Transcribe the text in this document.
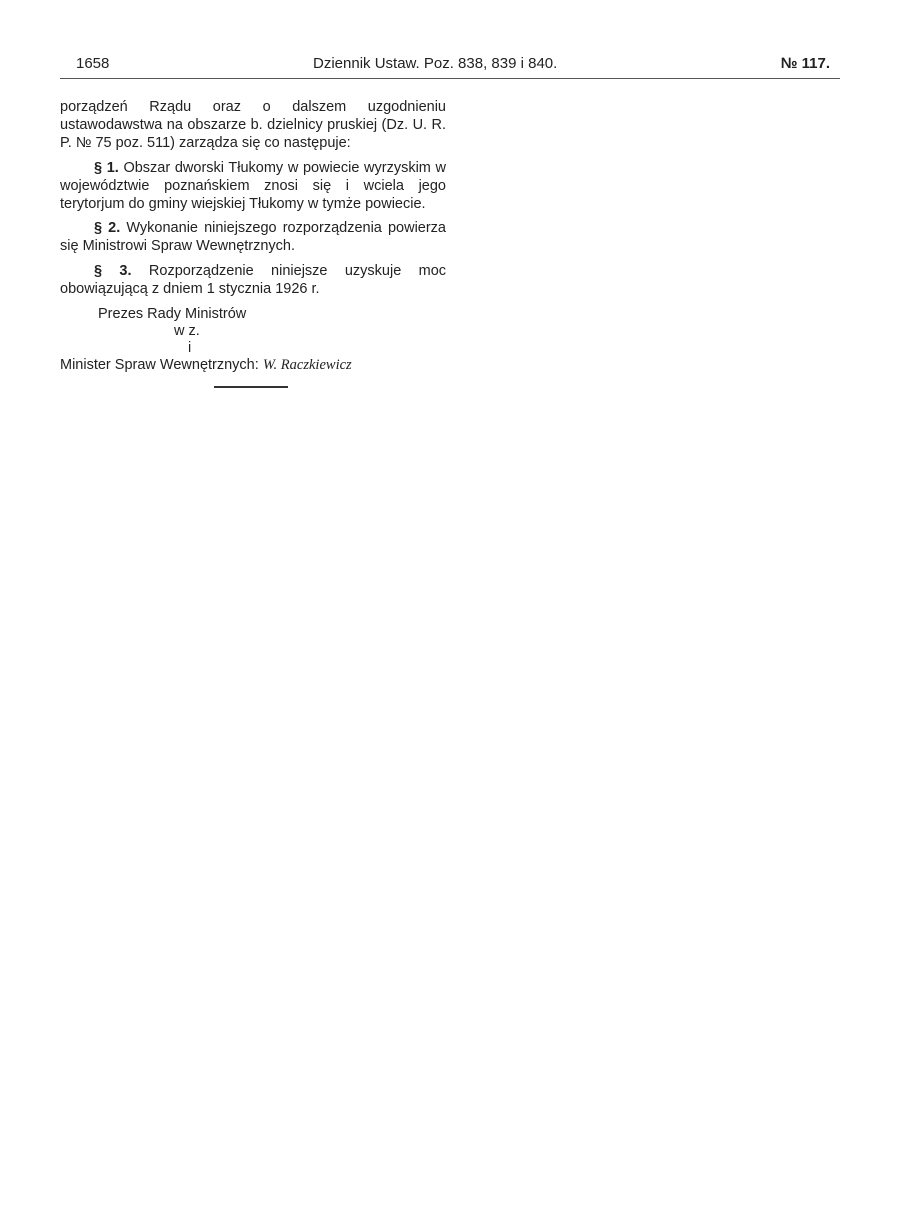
1658	Dziennik Ustaw. Poz. 838, 839 i 840.	№ 117.

porządzeń Rządu oraz o dalszem uzgodnieniu ustawodawstwa na obszarze b. dzielnicy pruskiej (Dz. U. R. P. № 75 poz. 511) zarządza się co następuje:

§ 1. Obszar dworski Tłukomy w powiecie wyrzyskim w województwie poznańskiem znosi się i wciela jego terytorjum do gminy wiejskiej Tłukomy w tymże powiecie.

§ 2. Wykonanie niniejszego rozporządzenia powierza się Ministrowi Spraw Wewnętrznych.

§ 3. Rozporządzenie niniejsze uzyskuje moc obowiązującą z dniem 1 stycznia 1926 r.

Prezes Rady Ministrów
w z.
i
Minister Spraw Wewnętrznych: W. Raczkiewicz
